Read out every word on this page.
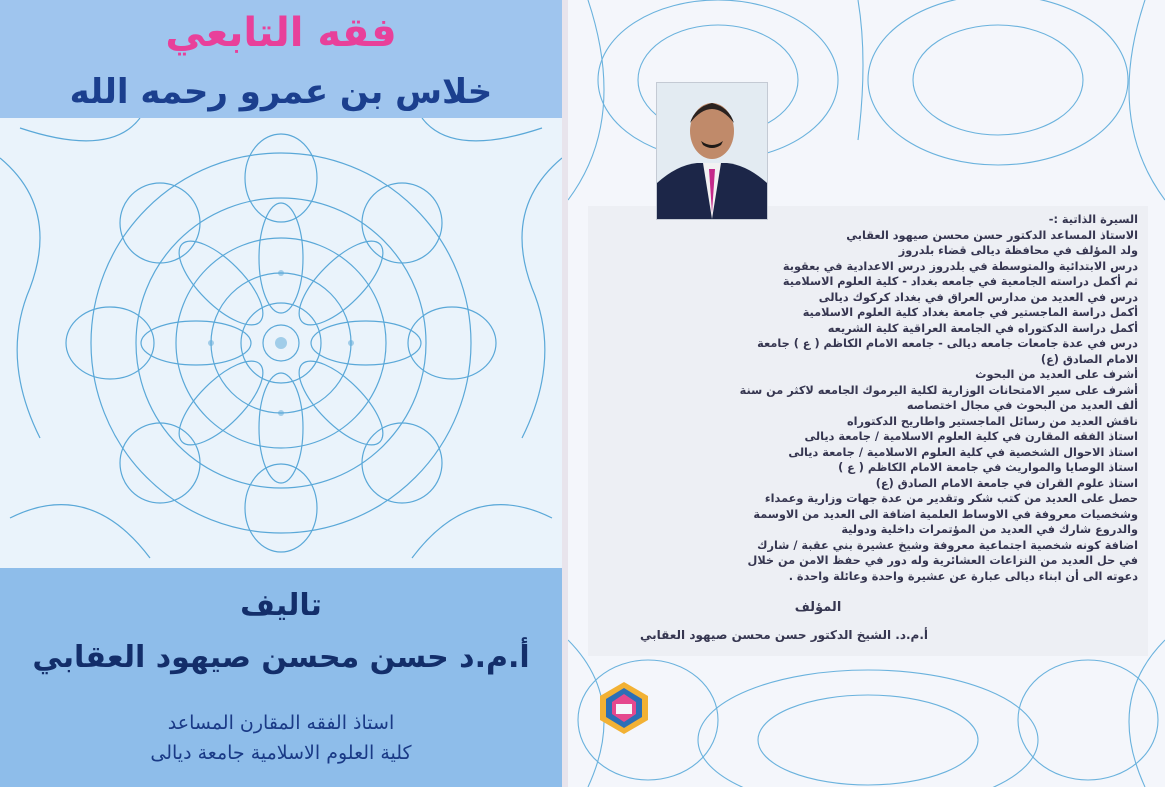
فقه التابعي
خلاس بن عمرو رحمه الله
تاليف
أ.م.د حسن محسن صيهود العقابي
استاذ الفقه المقارن المساعد
كلية العلوم الاسلامية جامعة ديالى
السيرة الذاتية :-
الاستاذ المساعد الدكتور حسن محسن صيهود العقابي
ولد المؤلف في محافظة ديالى قضاء بلدروز
درس الابتدائية والمتوسطة في بلدروز درس الاعدادية في بعقوبة
ثم أكمل دراسته الجامعية في جامعه بغداد - كلية العلوم الاسلامية
درس في العديد من مدارس العراق في بغداد كركوك ديالى
أكمل دراسة الماجستير في جامعة بغداد كلية العلوم الاسلامية
أكمل دراسة الدكتوراه في الجامعة العراقية كلية الشريعه
درس في عدة جامعات جامعه ديالى - جامعه الامام الكاظم ( ع ) جامعة
الامام الصادق (ع)
أشرف على العديد من البحوث
أشرف على سير الامتحانات الوزارية لكلية اليرموك الجامعه لاكثر من سنة
ألف العديد من البحوث في مجال اختصاصه
ناقش العديد من رسائل الماجستير واطاريح الدكتوراه
استاذ الفقه المقارن في كلية العلوم الاسلامية / جامعة ديالى
استاذ الاحوال الشخصية في كلية العلوم الاسلامية / جامعة ديالى
استاذ الوصايا والمواريث في جامعة الامام الكاظم ( ع )
استاذ علوم القران في جامعة الامام الصادق (ع)
حصل على العديد من كتب شكر وتقدير من عدة جهات وزارية وعمداء
وشخصيات معروفة في الاوساط العلمية اضافة الى العديد من الاوسمة
والدروع شارك في العديد من المؤتمرات داخلية ودولية
اضافة كونه شخصية اجتماعية معروفة وشيخ عشيرة بني عقبة / شارك
في حل العديد من النزاعات العشائرية وله دور في حفظ الامن من خلال
دعوته الى أن ابناء ديالى عبارة عن عشيرة واحدة وعائلة واحدة .
المؤلف
أ.م.د. الشيخ الدكتور حسن محسن صيهود العقابي
